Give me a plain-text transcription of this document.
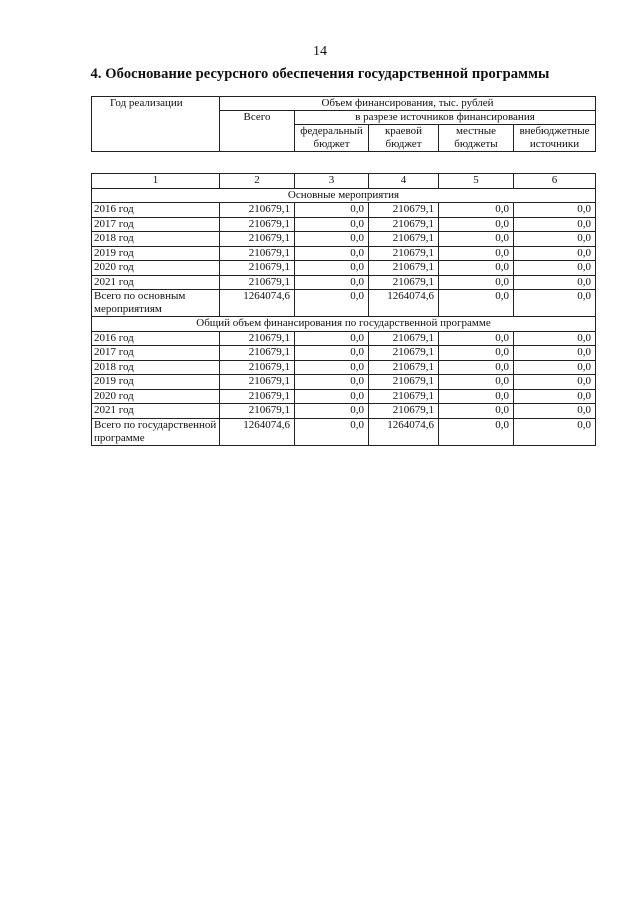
14
4. Обоснование ресурсного обеспечения государственной программы
Год реализации	Объем финансирования, тыс. рублей				
	Всего	в разрезе источников финансирования			
		федеральный бюджет	краевой бюджет	местные бюджеты	внебюджетные источники
1	2	3	4	5	6
Основные мероприятия					
2016 год	210679,1	0,0	210679,1	0,0	0,0
2017 год	210679,1	0,0	210679,1	0,0	0,0
2018 год	210679,1	0,0	210679,1	0,0	0,0
2019 год	210679,1	0,0	210679,1	0,0	0,0
2020 год	210679,1	0,0	210679,1	0,0	0,0
2021 год	210679,1	0,0	210679,1	0,0	0,0
Всего по основным мероприятиям	1264074,6	0,0	1264074,6	0,0	0,0
Общий объем финансирования по государственной программе					
2016 год	210679,1	0,0	210679,1	0,0	0,0
2017 год	210679,1	0,0	210679,1	0,0	0,0
2018 год	210679,1	0,0	210679,1	0,0	0,0
2019 год	210679,1	0,0	210679,1	0,0	0,0
2020 год	210679,1	0,0	210679,1	0,0	0,0
2021 год	210679,1	0,0	210679,1	0,0	0,0
Всего по государственной программе	1264074,6	0,0	1264074,6	0,0	0,0
